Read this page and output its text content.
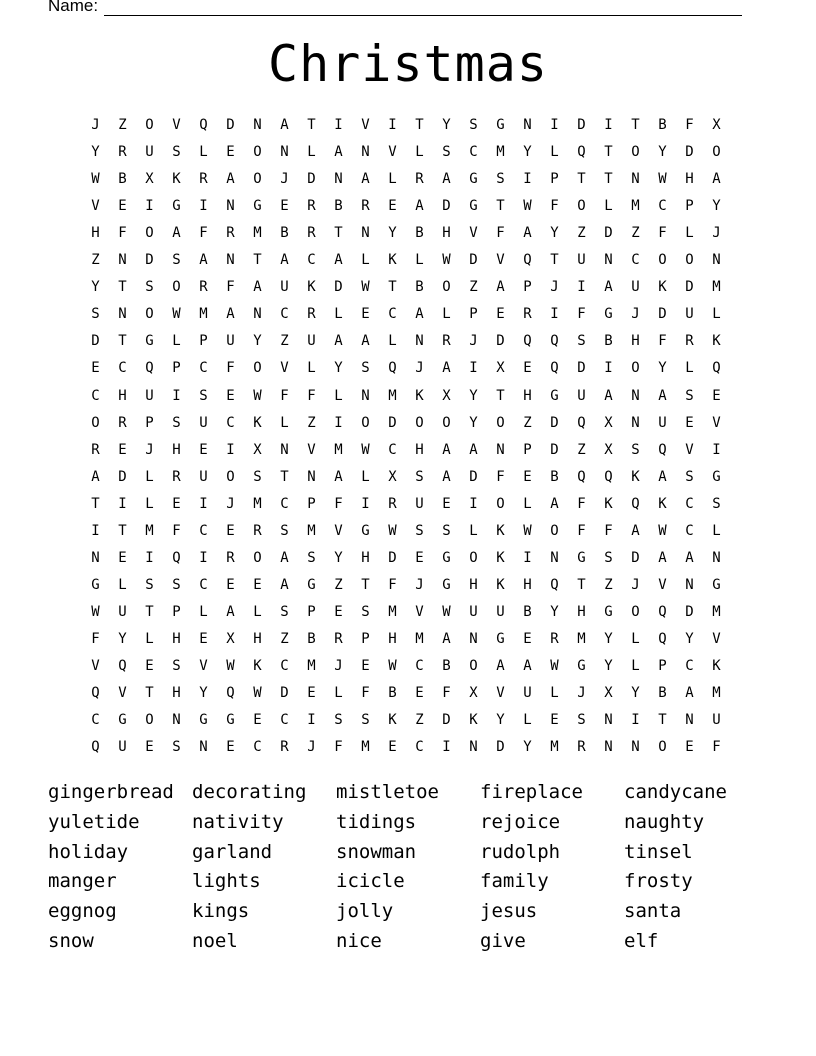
Name:
Christmas
J	Z	O	V	Q	D	N	A	T	I	V	I	T	Y	S	G	N	I	D	I	T	B	F	X
Y	R	U	S	L	E	O	N	L	A	N	V	L	S	C	M	Y	L	Q	T	O	Y	D	O
W	B	X	K	R	A	O	J	D	N	A	L	R	A	G	S	I	P	T	T	N	W	H	A
V	E	I	G	I	N	G	E	R	B	R	E	A	D	G	T	W	F	O	L	M	C	P	Y
H	F	O	A	F	R	M	B	R	T	N	Y	B	H	V	F	A	Y	Z	D	Z	F	L	J
Z	N	D	S	A	N	T	A	C	A	L	K	L	W	D	V	Q	T	U	N	C	O	O	N
Y	T	S	O	R	F	A	U	K	D	W	T	B	O	Z	A	P	J	I	A	U	K	D	M
S	N	O	W	M	A	N	C	R	L	E	C	A	L	P	E	R	I	F	G	J	D	U	L
D	T	G	L	P	U	Y	Z	U	A	A	L	N	R	J	D	Q	Q	S	B	H	F	R	K
E	C	Q	P	C	F	O	V	L	Y	S	Q	J	A	I	X	E	Q	D	I	O	Y	L	Q
C	H	U	I	S	E	W	F	F	L	N	M	K	X	Y	T	H	G	U	A	N	A	S	E
O	R	P	S	U	C	K	L	Z	I	O	D	O	O	Y	O	Z	D	Q	X	N	U	E	V
R	E	J	H	E	I	X	N	V	M	W	C	H	A	A	N	P	D	Z	X	S	Q	V	I
A	D	L	R	U	O	S	T	N	A	L	X	S	A	D	F	E	B	Q	Q	K	A	S	G
T	I	L	E	I	J	M	C	P	F	I	R	U	E	I	O	L	A	F	K	Q	K	C	S
I	T	M	F	C	E	R	S	M	V	G	W	S	S	L	K	W	O	F	F	A	W	C	L
N	E	I	Q	I	R	O	A	S	Y	H	D	E	G	O	K	I	N	G	S	D	A	A	N
G	L	S	S	C	E	E	A	G	Z	T	F	J	G	H	K	H	Q	T	Z	J	V	N	G
W	U	T	P	L	A	L	S	P	E	S	M	V	W	U	U	B	Y	H	G	O	Q	D	M
F	Y	L	H	E	X	H	Z	B	R	P	H	M	A	N	G	E	R	M	Y	L	Q	Y	V
V	Q	E	S	V	W	K	C	M	J	E	W	C	B	O	A	A	W	G	Y	L	P	C	K
Q	V	T	H	Y	Q	W	D	E	L	F	B	E	F	X	V	U	L	J	X	Y	B	A	M
C	G	O	N	G	G	E	C	I	S	S	K	Z	D	K	Y	L	E	S	N	I	T	N	U
Q	U	E	S	N	E	C	R	J	F	M	E	C	I	N	D	Y	M	R	N	N	O	E	F
gingerbread decorating mistletoe fireplace candycane
yuletide	nativity	tidings	rejoice	naughty
holiday	garland	snowman	rudolph	tinsel
manger	lights	icicle	family	frosty
eggnog	kings	jolly	jesus	santa
snow	noel	nice	give	elf
